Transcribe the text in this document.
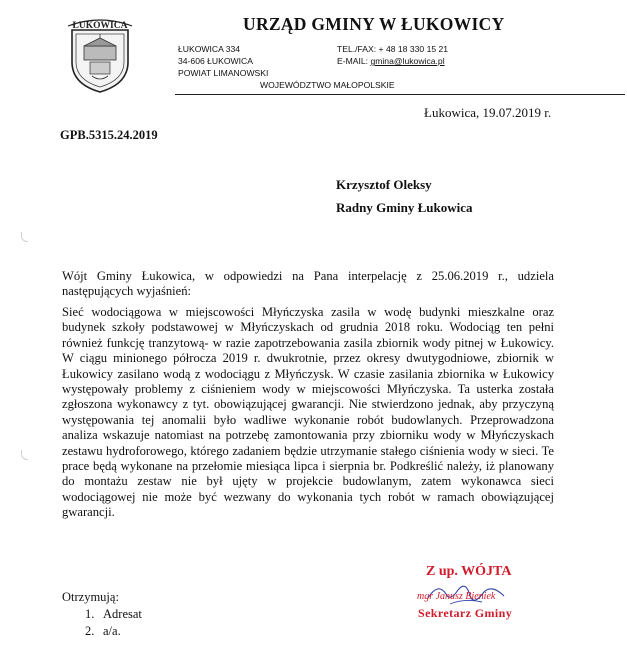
ŁUKOWICA	URZĄD GMINY W ŁUKOWICY
ŁUKOWICA 334
34-606 ŁUKOWICA
POWIAT LIMANOWSKI
TEL./FAX: + 48 18 330 15 21
E-MAIL: gmina@lukowica.pl
WOJEWÓDZTWO MAŁOPOLSKIE
Łukowica, 19.07.2019 r.
GPB.5315.24.2019
Krzysztof Oleksy
Radny Gminy Łukowica
Wójt Gminy Łukowica, w odpowiedzi na Pana interpelację z 25.06.2019 r., udziela następujących wyjaśnień:
Sieć wodociągowa w miejscowości Młyńczyska zasila w wodę budynki mieszkalne oraz budynek szkoły podstawowej w Młyńczyskach od grudnia 2018 roku. Wodociąg ten pełni również funkcję tranzytową- w razie zapotrzebowania zasila zbiornik wody pitnej w Łukowicy. W ciągu minionego półrocza 2019 r. dwukrotnie, przez okresy dwutygodniowe, zbiornik w Łukowicy zasilano wodą z wodociągu z Młyńczysk. W czasie zasilania zbiornika w Łukowicy występowały problemy z ciśnieniem wody w miejscowości Młyńczyska. Ta usterka została zgłoszona wykonawcy z tyt. obowiązującej gwarancji. Nie stwierdzono jednak, aby przyczyną występowania tej anomalii było wadliwe wykonanie robót budowlanych. Przeprowadzona analiza wskazuje natomiast na potrzebę zamontowania przy zbiorniku wody w Młyńczyskach zestawu hydroforowego, którego zadaniem będzie utrzymanie stałego ciśnienia wody w sieci. Te prace będą wykonane na przełomie miesiąca lipca i sierpnia br. Podkreślić należy, iż planowany do montażu zestaw nie był ujęty w projekcie budowlanym, zatem wykonawca sieci wodociągowej nie może być wezwany do wykonania tych robót w ramach obowiązującej gwarancji.
Z up. WÓJTA
mgr Janusz Bieniek
Sekretarz Gminy
Otrzymują:
1. Adresat
2. a/a.
